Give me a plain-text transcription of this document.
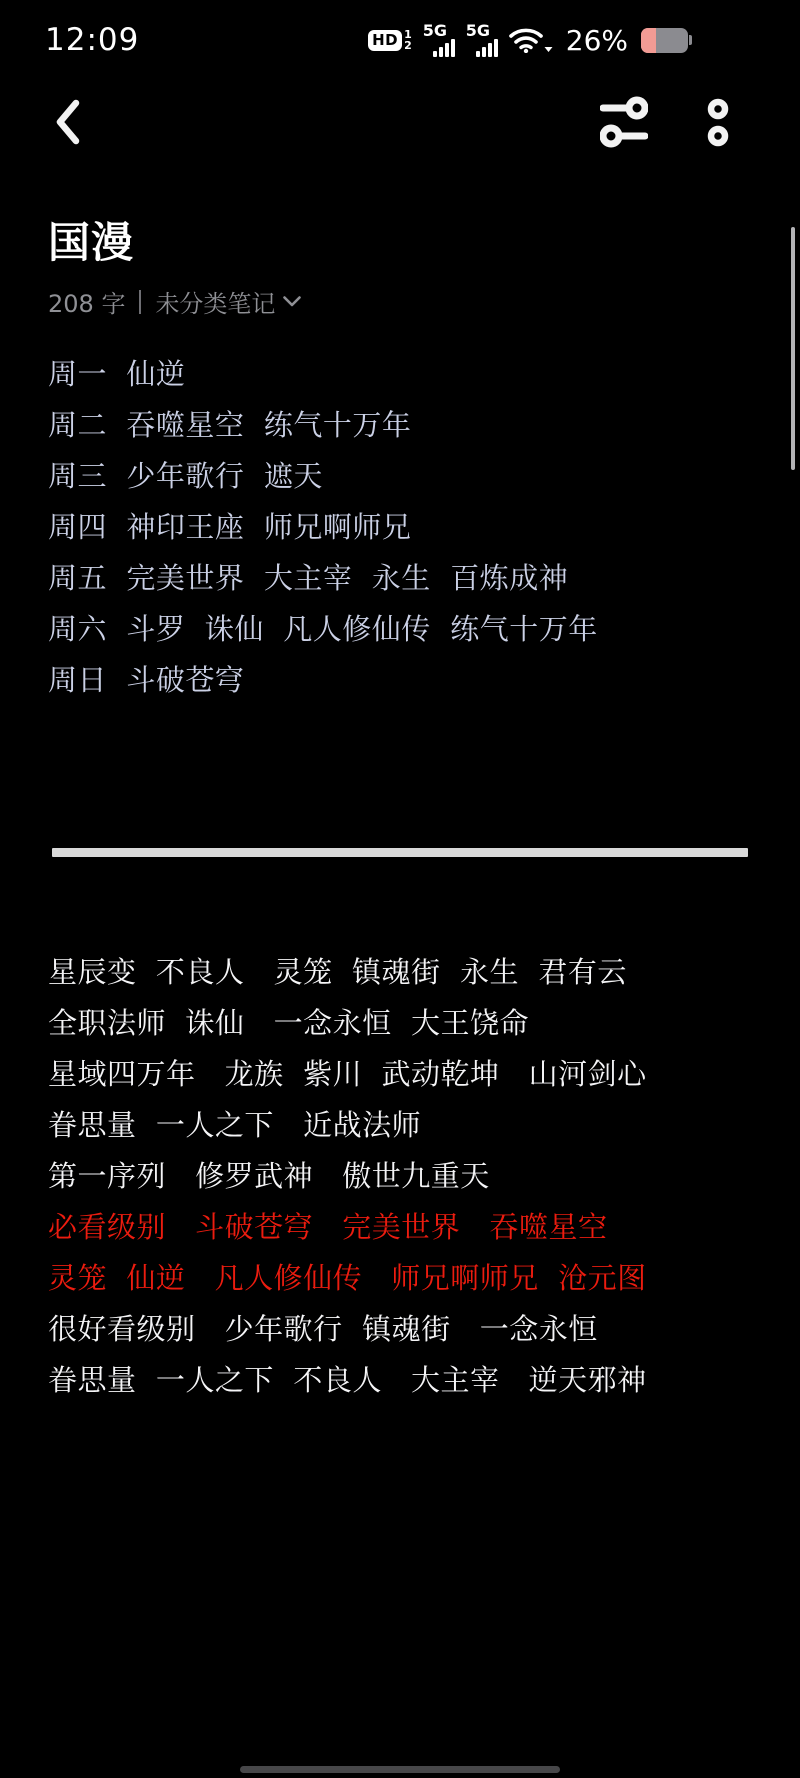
12:09	HD 1
2
5G 5G	26%
国漫
208 字 未分类笔记
周一  仙逆
周二  吞噬星空  练气十万年
周三  少年歌行  遮天
周四  神印王座  师兄啊师兄
周五  完美世界  大主宰  永生  百炼成神
周六  斗罗  诛仙  凡人修仙传  练气十万年
周日  斗破苍穹
星辰变  不良人   灵笼  镇魂街  永生  君有云
全职法师  诛仙   一念永恒  大王饶命
星域四万年   龙族  紫川  武动乾坤   山河剑心
眷思量  一人之下   近战法师
第一序列   修罗武神   傲世九重天
必看级别   斗破苍穹   完美世界   吞噬星空
灵笼  仙逆   凡人修仙传   师兄啊师兄  沧元图
很好看级别   少年歌行  镇魂街   一念永恒
眷思量  一人之下  不良人   大主宰   逆天邪神
